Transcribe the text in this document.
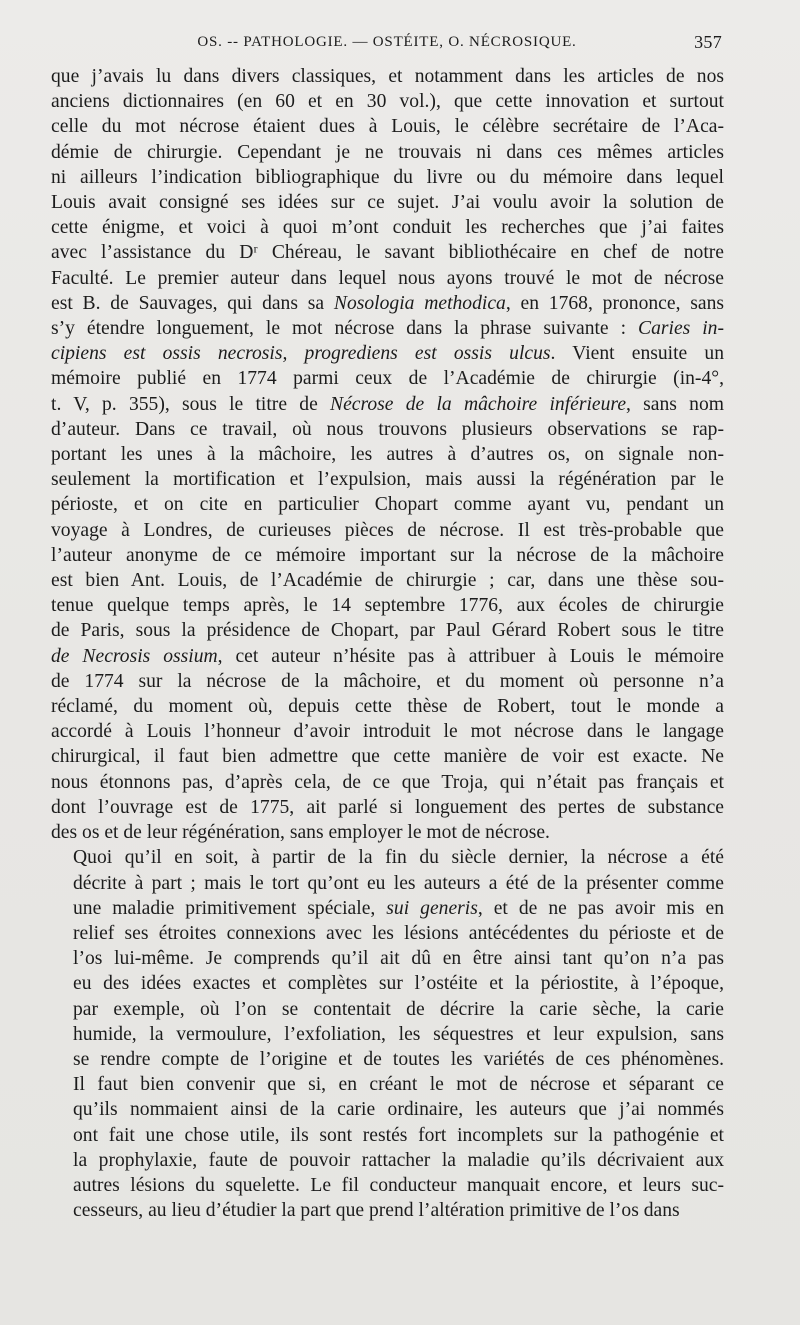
OS. -- PATHOLOGIE. — OSTÉITE, O. NÉCROSIQUE.	357

que j’avais lu dans divers classiques, et notamment dans les articles de nos
anciens dictionnaires (en 60 et en 30 vol.), que cette innovation et surtout
celle du mot nécrose étaient dues à Louis, le célèbre secrétaire de l’Aca-
démie de chirurgie. Cependant je ne trouvais ni dans ces mêmes articles
ni ailleurs l’indication bibliographique du livre ou du mémoire dans lequel
Louis avait consigné ses idées sur ce sujet. J’ai voulu avoir la solution de
cette énigme, et voici à quoi m’ont conduit les recherches que j’ai faites
avec l’assistance du Dʳ Chéreau, le savant bibliothécaire en chef de notre
Faculté. Le premier auteur dans lequel nous ayons trouvé le mot de nécrose
est B. de Sauvages, qui dans sa Nosologia methodica, en 1768, prononce, sans
s’y étendre longuement, le mot nécrose dans la phrase suivante : Caries in-
cipiens est ossis necrosis, progrediens est ossis ulcus. Vient ensuite un
mémoire publié en 1774 parmi ceux de l’Académie de chirurgie (in-4°,
t. V, p. 355), sous le titre de Nécrose de la mâchoire inférieure, sans nom
d’auteur. Dans ce travail, où nous trouvons plusieurs observations se rap-
portant les unes à la mâchoire, les autres à d’autres os, on signale non-
seulement la mortification et l’expulsion, mais aussi la régénération par le
périoste, et on cite en particulier Chopart comme ayant vu, pendant un
voyage à Londres, de curieuses pièces de nécrose. Il est très-probable que
l’auteur anonyme de ce mémoire important sur la nécrose de la mâchoire
est bien Ant. Louis, de l’Académie de chirurgie ; car, dans une thèse sou-
tenue quelque temps après, le 14 septembre 1776, aux écoles de chirurgie
de Paris, sous la présidence de Chopart, par Paul Gérard Robert sous le titre
de Necrosis ossium, cet auteur n’hésite pas à attribuer à Louis le mémoire
de 1774 sur la nécrose de la mâchoire, et du moment où personne n’a
réclamé, du moment où, depuis cette thèse de Robert, tout le monde a
accordé à Louis l’honneur d’avoir introduit le mot nécrose dans le langage
chirurgical, il faut bien admettre que cette manière de voir est exacte. Ne
nous étonnons pas, d’après cela, de ce que Troja, qui n’était pas français et
dont l’ouvrage est de 1775, ait parlé si longuement des pertes de substance
des os et de leur régénération, sans employer le mot de nécrose.

Quoi qu’il en soit, à partir de la fin du siècle dernier, la nécrose a été
décrite à part ; mais le tort qu’ont eu les auteurs a été de la présenter comme
une maladie primitivement spéciale, sui generis, et de ne pas avoir mis en
relief ses étroites connexions avec les lésions antécédentes du périoste et de
l’os lui-même. Je comprends qu’il ait dû en être ainsi tant qu’on n’a pas
eu des idées exactes et complètes sur l’ostéite et la périostite, à l’époque,
par exemple, où l’on se contentait de décrire la carie sèche, la carie
humide, la vermoulure, l’exfoliation, les séquestres et leur expulsion, sans
se rendre compte de l’origine et de toutes les variétés de ces phénomènes.
Il faut bien convenir que si, en créant le mot de nécrose et séparant ce
qu’ils nommaient ainsi de la carie ordinaire, les auteurs que j’ai nommés
ont fait une chose utile, ils sont restés fort incomplets sur la pathogénie et
la prophylaxie, faute de pouvoir rattacher la maladie qu’ils décrivaient aux
autres lésions du squelette. Le fil conducteur manquait encore, et leurs suc-
cesseurs, au lieu d’étudier la part que prend l’altération primitive de l’os dans
